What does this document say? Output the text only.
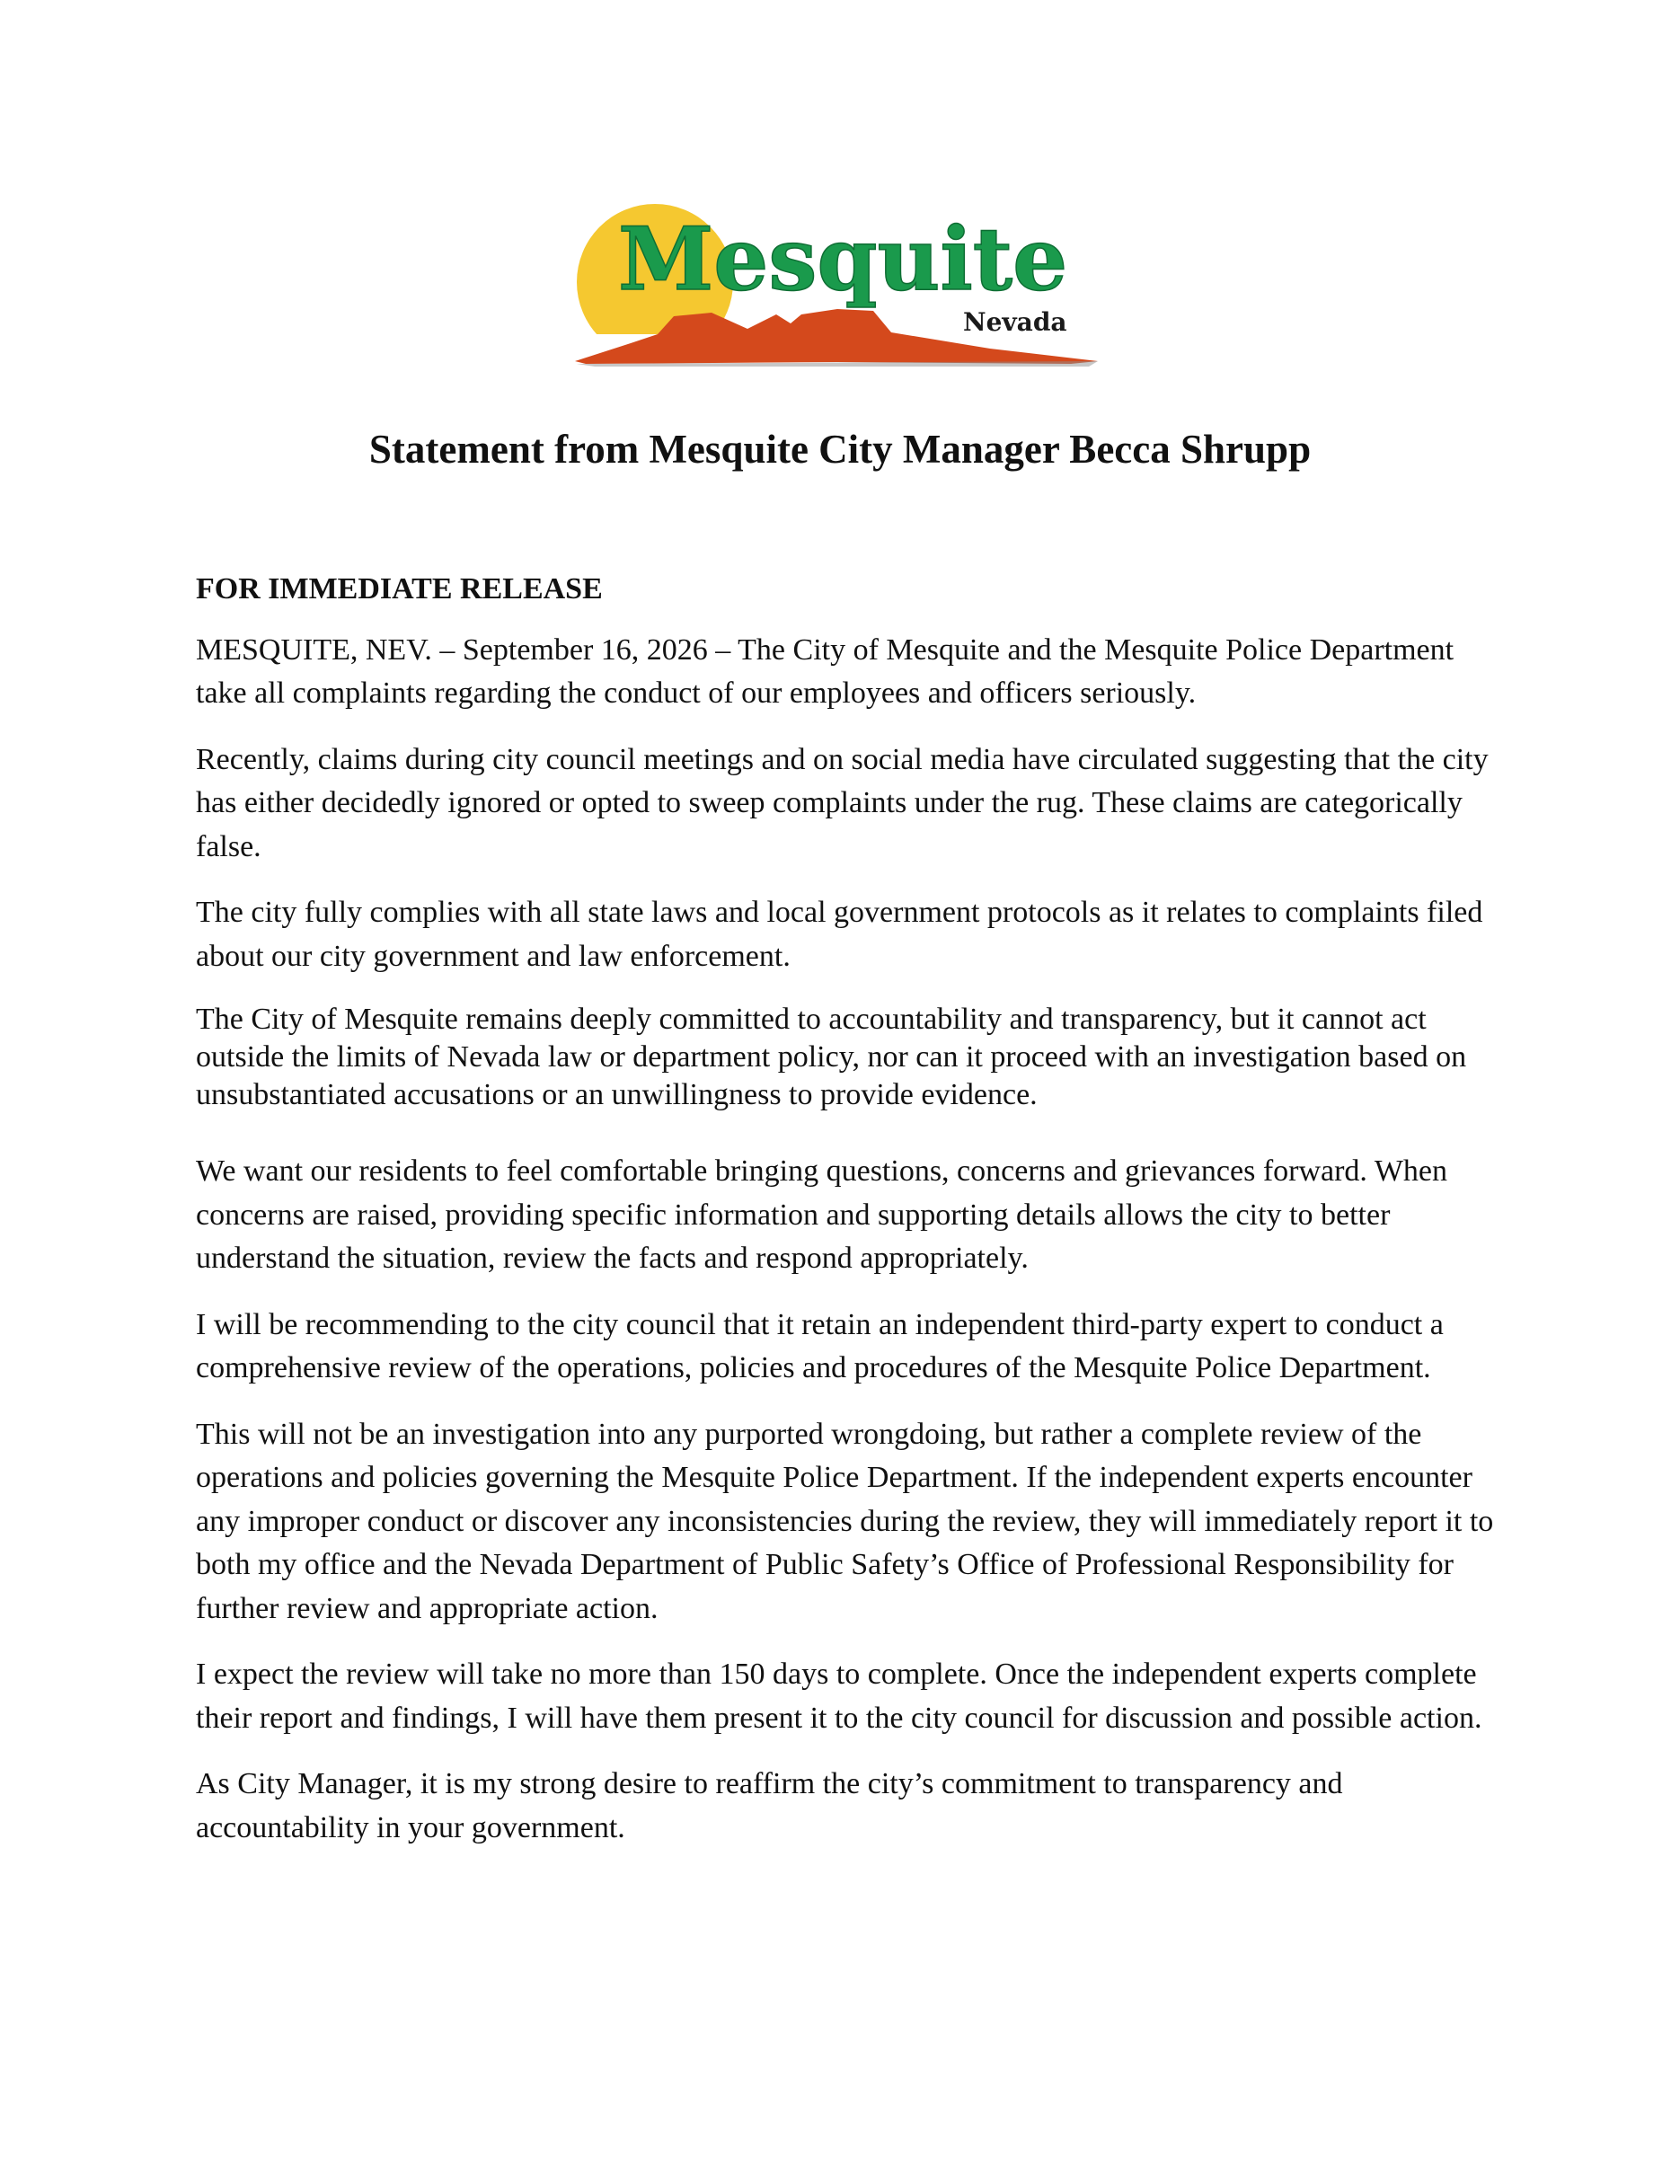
Mesquite
Nevada
Statement from Mesquite City Manager Becca Shrupp
FOR IMMEDIATE RELEASE

MESQUITE, NEV. – September 16, 2026 – The City of Mesquite and the Mesquite Police Department take all complaints regarding the conduct of our employees and officers seriously.

Recently, claims during city council meetings and on social media have circulated suggesting that the city has either decidedly ignored or opted to sweep complaints under the rug. These claims are categorically false.

The city fully complies with all state laws and local government protocols as it relates to complaints filed about our city government and law enforcement.

The City of Mesquite remains deeply committed to accountability and transparency, but it cannot act outside the limits of Nevada law or department policy, nor can it proceed with an investigation based on unsubstantiated accusations or an unwillingness to provide evidence.

We want our residents to feel comfortable bringing questions, concerns and grievances forward. When concerns are raised, providing specific information and supporting details allows the city to better understand the situation, review the facts and respond appropriately.

I will be recommending to the city council that it retain an independent third-party expert to conduct a comprehensive review of the operations, policies and procedures of the Mesquite Police Department.

This will not be an investigation into any purported wrongdoing, but rather a complete review of the operations and policies governing the Mesquite Police Department. If the independent experts encounter any improper conduct or discover any inconsistencies during the review, they will immediately report it to both my office and the Nevada Department of Public Safety’s Office of Professional Responsibility for further review and appropriate action.

I expect the review will take no more than 150 days to complete. Once the independent experts complete their report and findings, I will have them present it to the city council for discussion and possible action.

As City Manager, it is my strong desire to reaffirm the city’s commitment to transparency and accountability in your government.
